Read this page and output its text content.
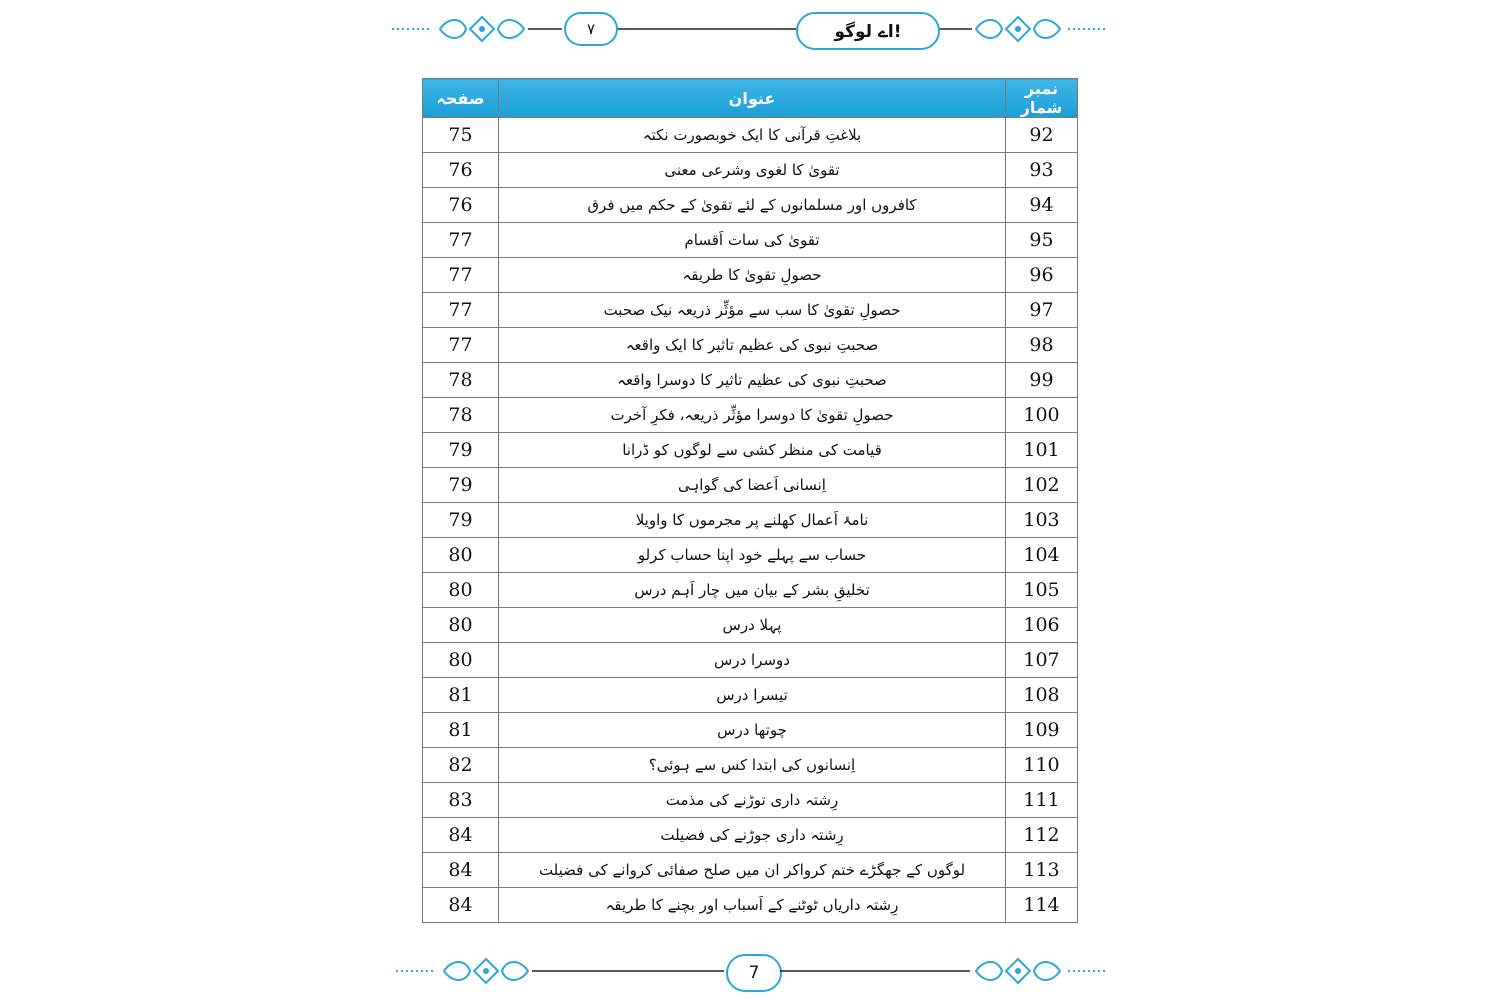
۷	اے لوگو!
نمبر شمار	عنوان	صفحہ
92	بلاغتِ قرآنی کا ایک خوبصورت نکتہ	75
93	تقویٰ کا لغوی وشرعی معنی	76
94	کافروں اور مسلمانوں کے لئے تقویٰ کے حکم میں فرق	76
95	تقویٰ کی سات اَقسام	77
96	حصولِ تقویٰ کا طریقہ	77
97	حصولِ تقویٰ کا سب سے مؤثِّر ذریعہ نیک صحبت	77
98	صحبتِ نبوی کی عظیم تاثیر کا ایک واقعہ	77
99	صحبتِ نبوی کی عظیم تاثیر کا دوسرا واقعہ	78
100	حصولِ تقویٰ کا دوسرا مؤثِّر ذریعہ، فکرِ آخرت	78
101	قیامت کی منظر کشی سے لوگوں کو ڈرانا	79
102	اِنسانی اَعضا کی گواہی	79
103	نامۂ اَعمال کھلنے پر مجرموں کا واویلا	79
104	حساب سے پہلے خود اپنا حساب کرلو	80
105	تخلیقِ بشر کے بیان میں چار اَہم درس	80
106	پہلا درس	80
107	دوسرا درس	80
108	تیسرا درس	81
109	چوتھا درس	81
110	اِنسانوں کی ابتدا کس سے ہوئی؟	82
111	رِشتہ داری توڑنے کی مذمت	83
112	رِشتہ داری جوڑنے کی فضیلت	84
113	لوگوں کے جھگڑے ختم کرواکر ان میں صلح صفائی کروانے کی فضیلت	84
114	رِشتہ داریاں ٹوٹنے کے اَسباب اور بچنے کا طریقہ	84
7
